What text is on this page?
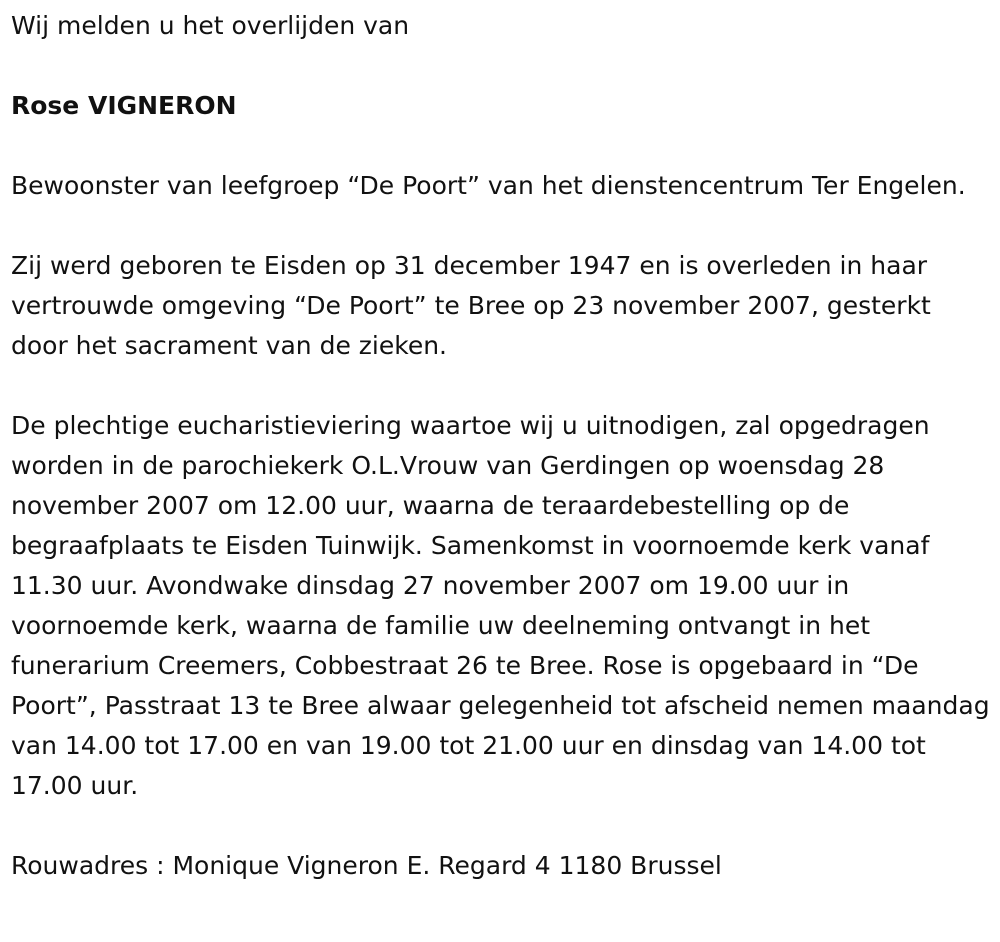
Wij melden u het overlijden van

Rose VIGNERON

Bewoonster van leefgroep “De Poort” van het dienstencentrum Ter Engelen.

Zij werd geboren te Eisden op 31 december 1947 en is overleden in haar vertrouwde omgeving “De Poort” te Bree op 23 november 2007, gesterkt door het sacrament van de zieken.

De plechtige eucharistieviering waartoe wij u uitnodigen, zal opgedragen worden in de parochiekerk O.L.Vrouw van Gerdingen op woensdag 28 november 2007 om 12.00 uur, waarna de teraardebestelling op de begraafplaats te Eisden Tuinwijk. Samenkomst in voornoemde kerk vanaf 11.30 uur. Avondwake dinsdag 27 november 2007 om 19.00 uur in voornoemde kerk, waarna de familie uw deelneming ontvangt in het funerarium Creemers, Cobbestraat 26 te Bree. Rose is opgebaard in “De Poort”, Passtraat 13 te Bree alwaar gelegenheid tot afscheid nemen maandag van 14.00 tot 17.00 en van 19.00 tot 21.00 uur en dinsdag van 14.00 tot 17.00 uur.

Rouwadres : Monique Vigneron E. Regard 4 1180 Brussel
